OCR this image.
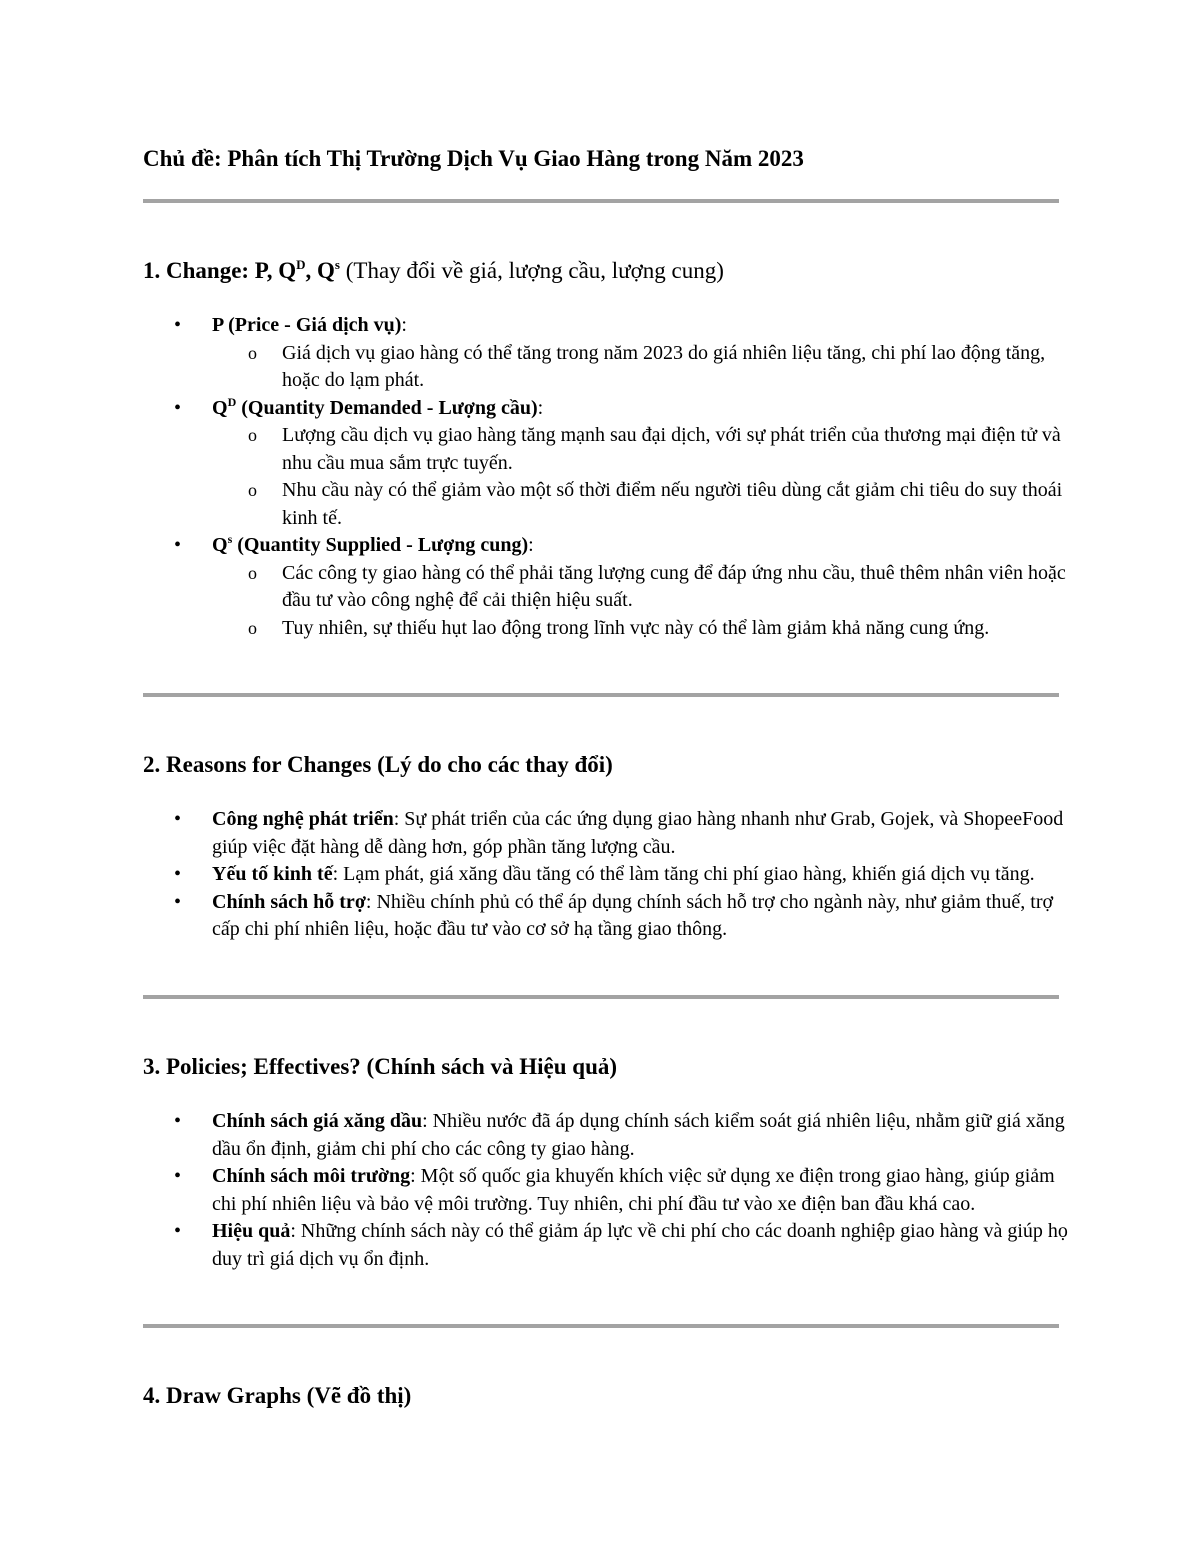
Chủ đề: Phân tích Thị Trường Dịch Vụ Giao Hàng trong Năm 2023
1. Change: P, $Q^D$, $Q^s$ (Thay đổi về giá, lượng cầu, lượng cung)
• P (Price - Giá dịch vụ):
o Giá dịch vụ giao hàng có thể tăng trong năm 2023 do giá nhiên liệu tăng, chi phí lao động tăng, hoặc do lạm phát.
• $Q^D$ (Quantity Demanded - Lượng cầu):
o Lượng cầu dịch vụ giao hàng tăng mạnh sau đại dịch, với sự phát triển của thương mại điện tử và nhu cầu mua sắm trực tuyến.
o Nhu cầu này có thể giảm vào một số thời điểm nếu người tiêu dùng cắt giảm chi tiêu do suy thoái kinh tế.
• $Q^s$ (Quantity Supplied - Lượng cung):
o Các công ty giao hàng có thể phải tăng lượng cung để đáp ứng nhu cầu, thuê thêm nhân viên hoặc đầu tư vào công nghệ để cải thiện hiệu suất.
o Tuy nhiên, sự thiếu hụt lao động trong lĩnh vực này có thể làm giảm khả năng cung ứng.
2. Reasons for Changes (Lý do cho các thay đổi)
• Công nghệ phát triển: Sự phát triển của các ứng dụng giao hàng nhanh như Grab, Gojek, và ShopeeFood giúp việc đặt hàng dễ dàng hơn, góp phần tăng lượng cầu.
• Yếu tố kinh tế: Lạm phát, giá xăng dầu tăng có thể làm tăng chi phí giao hàng, khiến giá dịch vụ tăng.
• Chính sách hỗ trợ: Nhiều chính phủ có thể áp dụng chính sách hỗ trợ cho ngành này, như giảm thuế, trợ cấp chi phí nhiên liệu, hoặc đầu tư vào cơ sở hạ tầng giao thông.
3. Policies; Effectives? (Chính sách và Hiệu quả)
• Chính sách giá xăng dầu: Nhiều nước đã áp dụng chính sách kiểm soát giá nhiên liệu, nhằm giữ giá xăng dầu ổn định, giảm chi phí cho các công ty giao hàng.
• Chính sách môi trường: Một số quốc gia khuyến khích việc sử dụng xe điện trong giao hàng, giúp giảm chi phí nhiên liệu và bảo vệ môi trường. Tuy nhiên, chi phí đầu tư vào xe điện ban đầu khá cao.
• Hiệu quả: Những chính sách này có thể giảm áp lực về chi phí cho các doanh nghiệp giao hàng và giúp họ duy trì giá dịch vụ ổn định.
4. Draw Graphs (Vẽ đồ thị)
